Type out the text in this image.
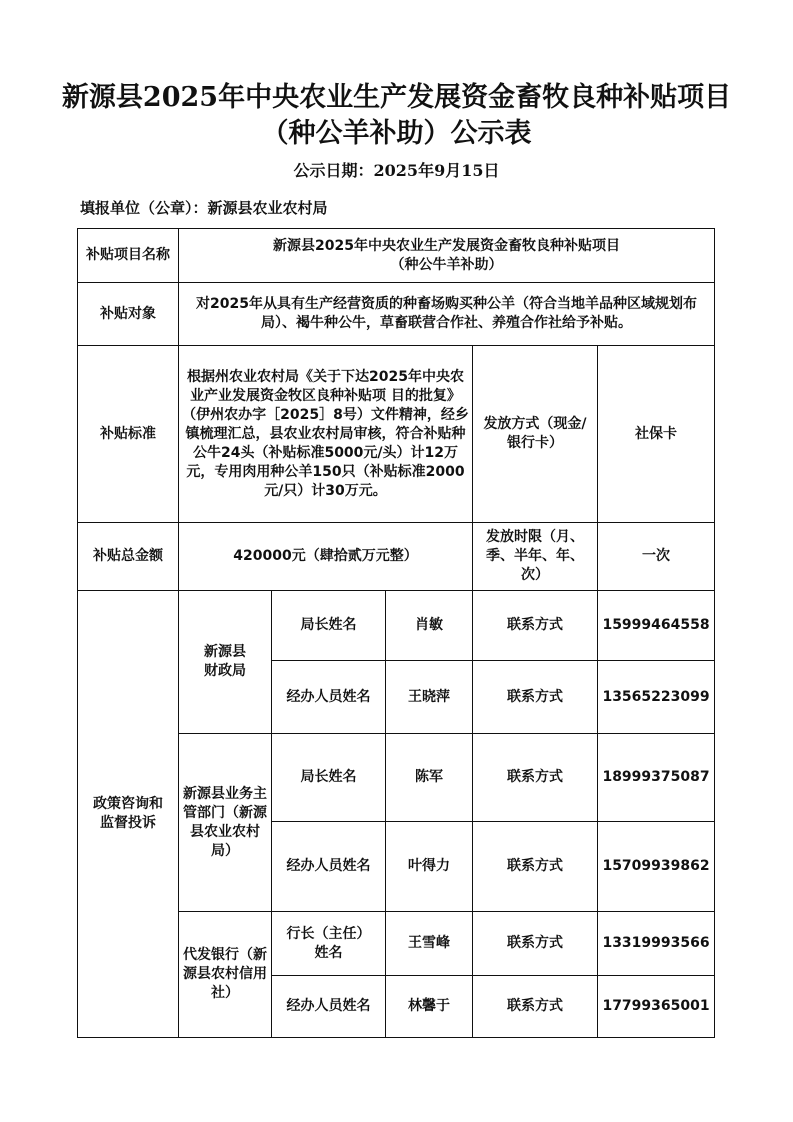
新源县2025年中央农业生产发展资金畜牧良种补贴项目（种公羊补助）公示表
公示日期：2025年9月15日
填报单位（公章）：新源县农业农村局
补贴项目名称	新源县2025年中央农业生产发展资金畜牧良种补贴项目
（种公牛羊补助）				

补贴对象	对2025年从具有生产经营资质的种畜场购买种公羊（符合当地羊品种区域规划布局）、褐牛种公牛，草畜联营合作社、养殖合作社给予补贴。				
补贴标准	根据州农业农村局《关于下达2025年中央农业产业发展资金牧区良种补贴项 目的批复》（伊州农办字［2025］8号）文件精神，经乡镇梳理汇总，县农业农村局审核，符合补贴种公牛24头（补贴标准5000元/头）计12万元，专用肉用种公羊150只（补贴标准2000元/只）计30万元。			发放方式（现金/银行卡）	社保卡
补贴总金额	420000元（肆拾贰万元整）			发放时限（月、季、半年、年、次）	一次
政策咨询和监督投诉	新源县财政局	局长姓名	肖敏	联系方式	15999464558
		经办人员姓名	王晓萍	联系方式	13565223099
	新源县业务主管部门（新源县农业农村局）	局长姓名	陈军	联系方式	18999375087
		经办人员姓名	叶得力	联系方式	15709939862
	代发银行（新源县农村信用社）	行长（主任）姓名	王雪峰	联系方式	13319993566
		经办人员姓名	林馨于	联系方式	17799365001
